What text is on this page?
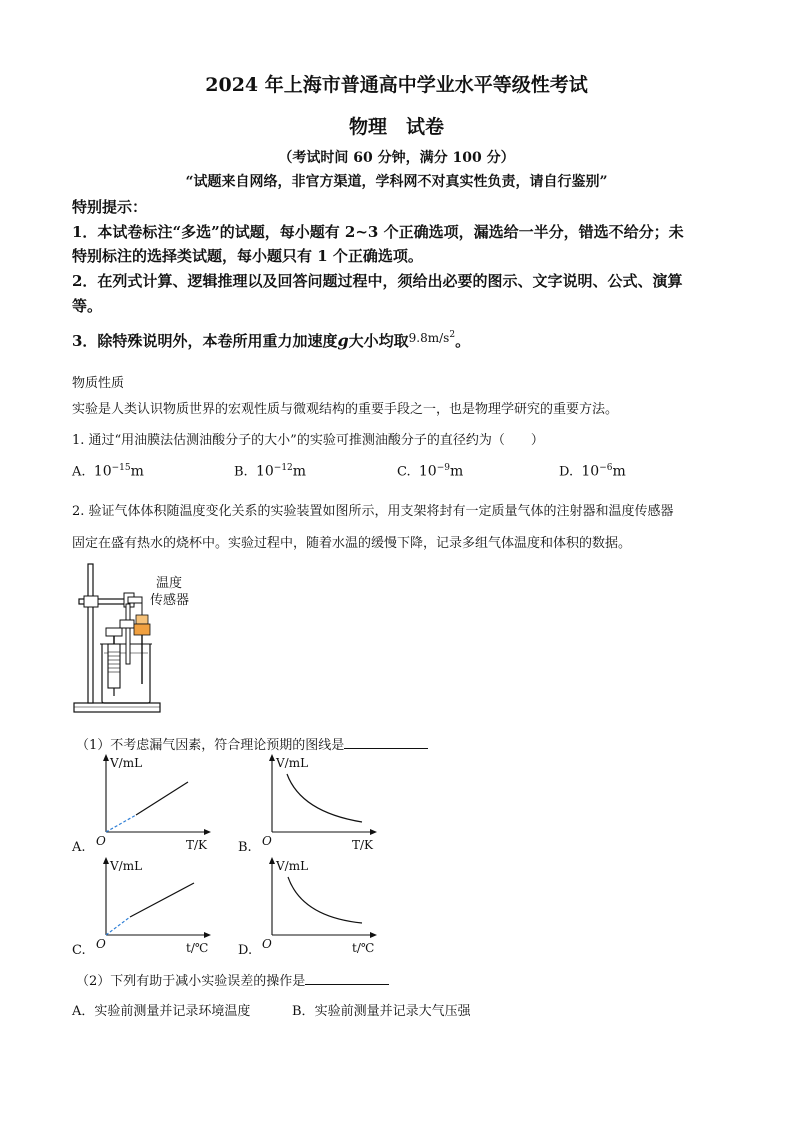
2024 年上海市普通高中学业水平等级性考试
物理　试卷
（考试时间 60 分钟，满分 100 分）
“试题来自网络，非官方渠道，学科网不对真实性负责，请自行鉴别”
特别提示：
1．本试卷标注“多选”的试题，每小题有 2~3 个正确选项，漏选给一半分，错选不给分；未
特别标注的选择类试题，每小题只有 1 个正确选项。
2．在列式计算、逻辑推理以及回答问题过程中，须给出必要的图示、文字说明、公式、演算
等。
3．除特殊说明外，本卷所用重力加速度g大小均取$^{9.8m/s^2}$。
物质性质
实验是人类认识物质世界的宏观性质与微观结构的重要手段之一，也是物理学研究的重要方法。
1. 通过“用油膜法估测油酸分子的大小”的实验可推测油酸分子的直径约为（　　）
A. $10^{-15}m$	B. $10^{-12}m$	C. $10^{-9}m$	D. $10^{-6}m$
2. 验证气体体积随温度变化关系的实验装置如图所示，用支架将封有一定质量气体的注射器和温度传感器
固定在盛有热水的烧杯中。实验过程中，随着水温的缓慢下降，记录多组气体温度和体积的数据。
温度
传感器
（1）不考虑漏气因素，符合理论预期的图线是
A.
V/mL
O	T/K B.
V/mL
O	T/K
C.
V/mL
O	t/℃ D.
V/mL
O	t/℃
（2）下列有助于减小实验误差的操作是
A．实验前测量并记录环境温度	B．实验前测量并记录大气压强
